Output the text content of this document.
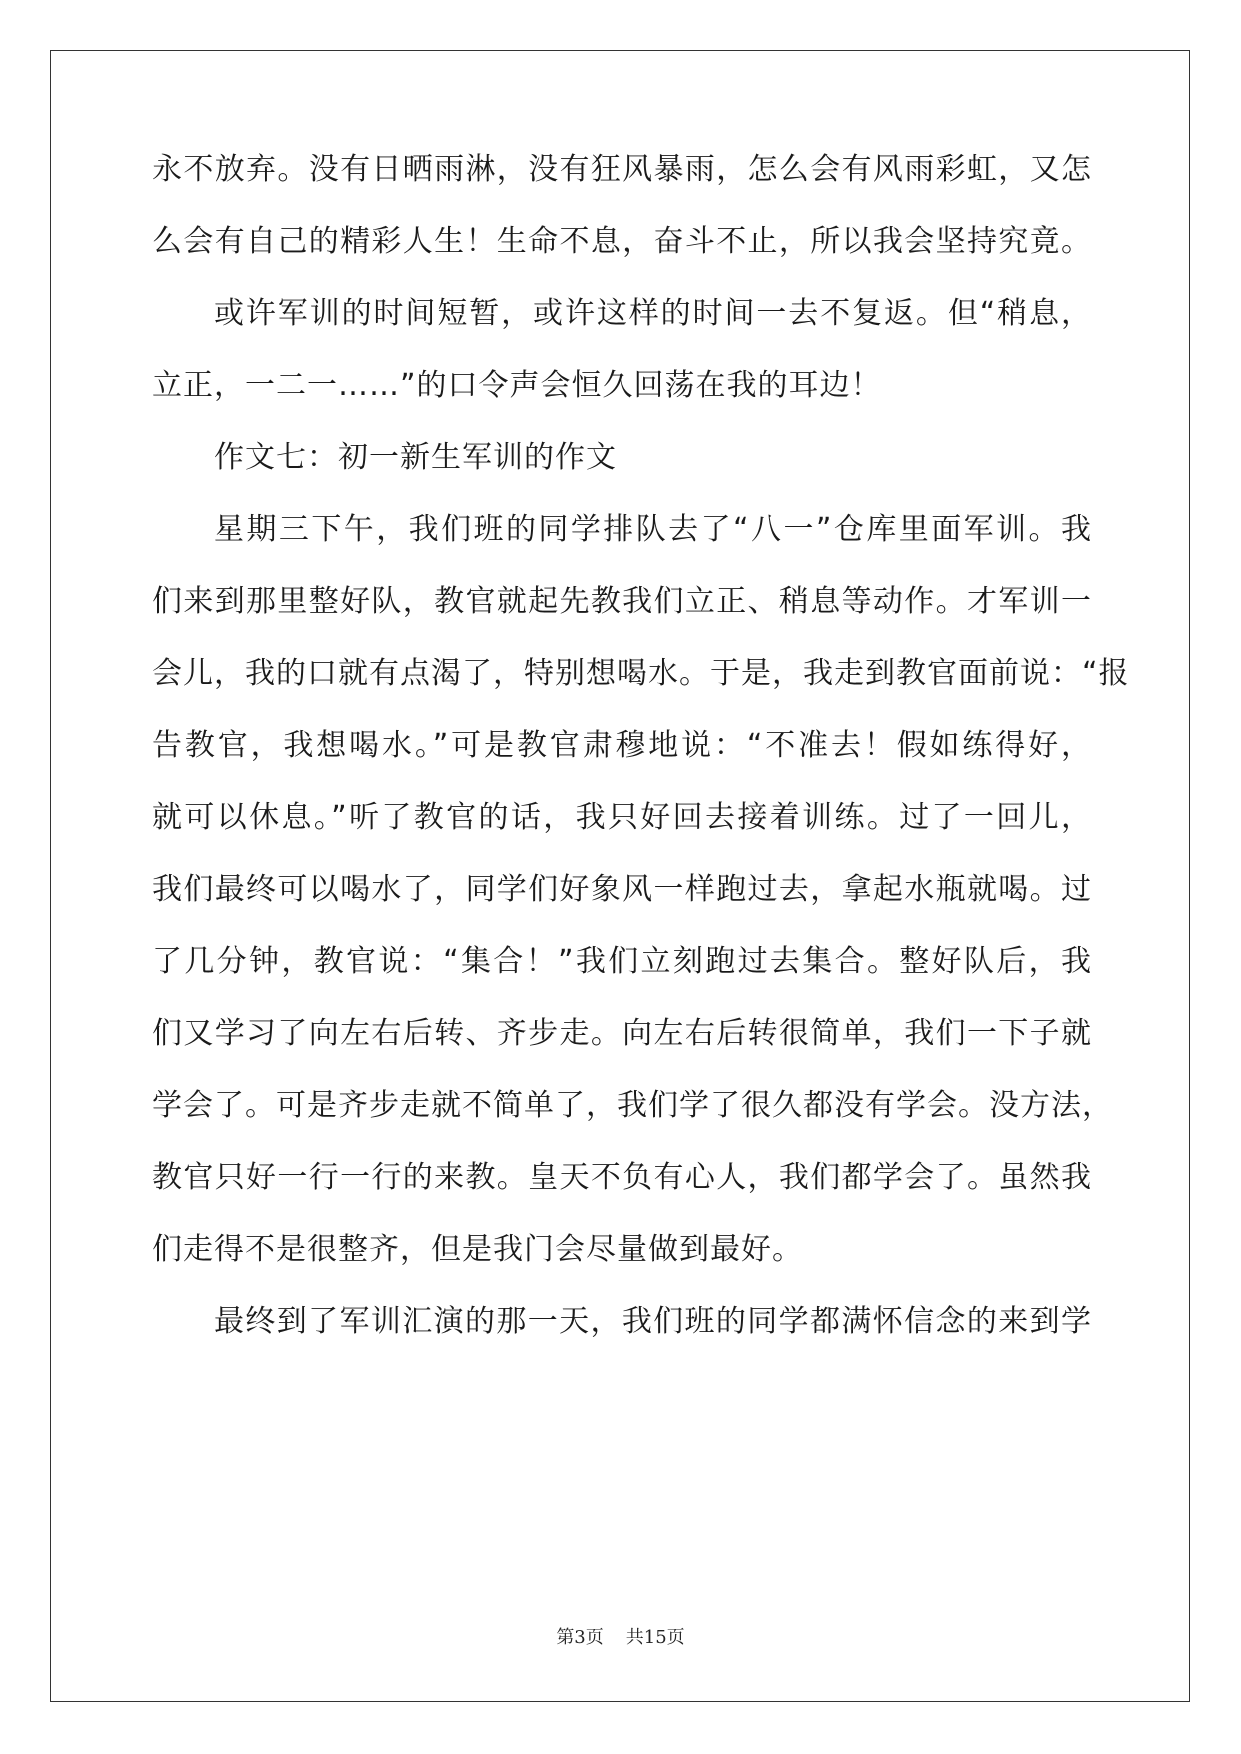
永不放弃。没有日晒雨淋，没有狂风暴雨，怎么会有风雨彩虹，又怎
么会有自己的精彩人生！生命不息，奋斗不止，所以我会坚持究竟。
或许军训的时间短暂，或许这样的时间一去不复返。但“稍息，
立正，一二一……”的口令声会恒久回荡在我的耳边！
作文七：初一新生军训的作文
星期三下午，我们班的同学排队去了“八一”仓库里面军训。我
们来到那里整好队，教官就起先教我们立正、稍息等动作。才军训一
会儿，我的口就有点渴了，特别想喝水。于是，我走到教官面前说：“报
告教官，我想喝水。”可是教官肃穆地说：“不准去！假如练得好，
就可以休息。”听了教官的话，我只好回去接着训练。过了一回儿，
我们最终可以喝水了，同学们好象风一样跑过去，拿起水瓶就喝。过
了几分钟，教官说：“集合！”我们立刻跑过去集合。整好队后，我
们又学习了向左右后转、齐步走。向左右后转很简单，我们一下子就
学会了。可是齐步走就不简单了，我们学了很久都没有学会。没方法，
教官只好一行一行的来教。皇天不负有心人，我们都学会了。虽然我
们走得不是很整齐，但是我门会尽量做到最好。
最终到了军训汇演的那一天，我们班的同学都满怀信念的来到学
第3页 共15页
